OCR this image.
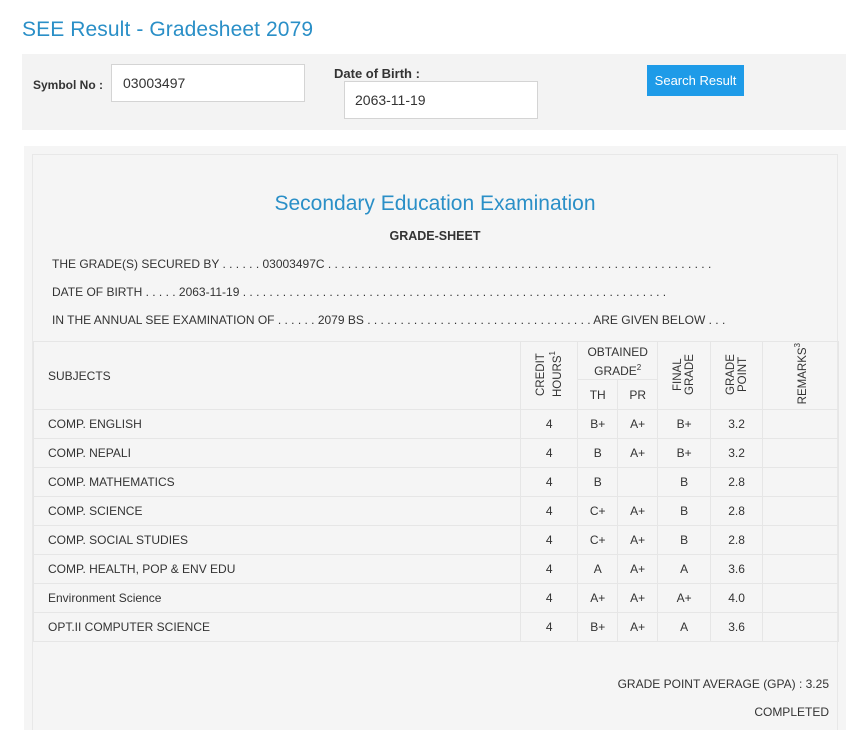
SEE Result - Gradesheet 2079
Symbol No :
03003497
Date of Birth :
2063-11-19	Search Result
Secondary Education Examination
GRADE-SHEET
THE GRADE(S) SECURED BY . . . . . . 03003497C . . . . . . . . . . . . . . . . . . . . . . . . . . . . . . . . . . . . . . . . . . . . . . . . . . . . . . . . . .
DATE OF BIRTH . . . . . 2063-11-19 . . . . . . . . . . . . . . . . . . . . . . . . . . . . . . . . . . . . . . . . . . . . . . . . . . . . . . . . . . . . . . . .
IN THE ANNUAL SEE EXAMINATION OF . . . . . . 2079 BS . . . . . . . . . . . . . . . . . . . . . . . . . . . . . . . . . . ARE GIVEN BELOW . . .
SUBJECTS	CREDIT HOURS$^1$	OBTAINED GRADE$^2$		FINAL GRADE	GRADE POINT	REMARKS$^3$
		TH	PR			
COMP. ENGLISH	4	B+	A+	B+	3.2	
COMP. NEPALI	4	B	A+	B+	3.2	
COMP. MATHEMATICS	4	B		B	2.8	
COMP. SCIENCE	4	C+	A+	B	2.8	
COMP. SOCIAL STUDIES	4	C+	A+	B	2.8	
COMP. HEALTH, POP & ENV EDU	4	A	A+	A	3.6	
Environment Science	4	A+	A+	A+	4.0	
OPT.II COMPUTER SCIENCE	4	B+	A+	A	3.6	
GRADE POINT AVERAGE (GPA) : 3.25
COMPLETED
